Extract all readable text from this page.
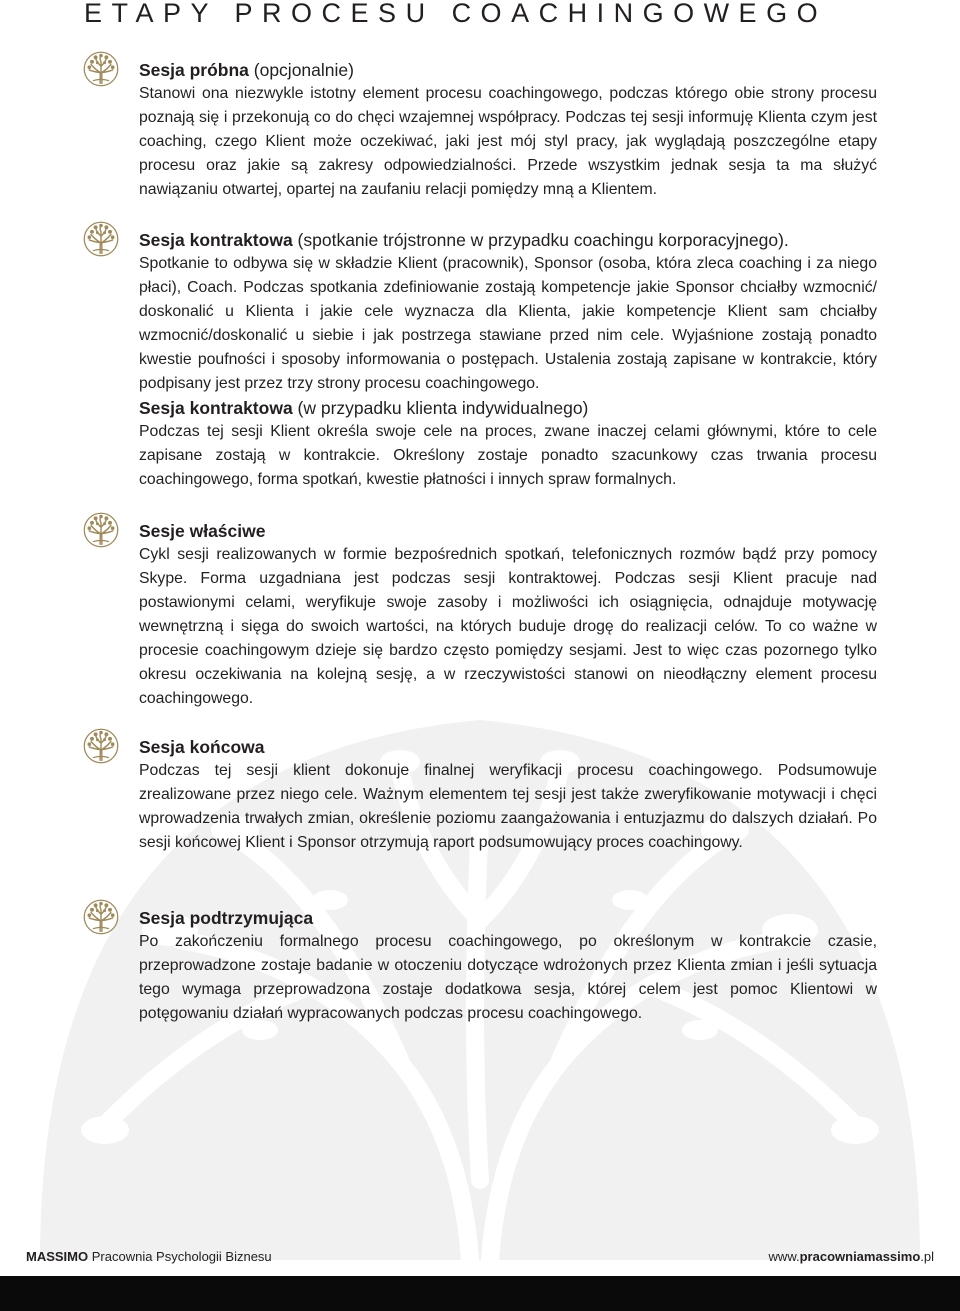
ETAPY PROCESU COACHINGOWEGO
Sesja próbna (opcjonalnie)

Stanowi ona niezwykle istotny element procesu coachingowego, podczas którego obie strony procesu poznają się i przekonują co do chęci wzajemnej współpracy. Podczas tej sesji informuję Klienta czym jest coaching, czego Klient może oczekiwać, jaki jest mój styl pracy, jak wyglądają poszczególne etapy procesu oraz jakie są zakresy odpowiedzialności. Przede wszystkim jednak sesja ta ma służyć nawiązaniu otwartej, opartej na zaufaniu relacji pomiędzy mną a Klientem.

Sesja kontraktowa (spotkanie trójstronne w przypadku coachingu korporacyjnego).

Spotkanie to odbywa się w składzie Klient (pracownik), Sponsor (osoba, która zleca coaching i za niego płaci), Coach. Podczas spotkania zdefiniowanie zostają kompetencje jakie Sponsor chciałby wzmocnić/ doskonalić u Klienta i jakie cele wyznacza dla Klienta, jakie kompetencje Klient sam chciałby wzmocnić/doskonalić u siebie i jak postrzega stawiane przed nim cele. Wyjaśnione zostają ponadto kwestie poufności i sposoby informowania o postępach. Ustalenia zostają zapisane w kontrakcie, który podpisany jest przez trzy strony procesu coachingowego.

Sesja kontraktowa (w przypadku klienta indywidualnego)

Podczas tej sesji Klient określa swoje cele na proces, zwane inaczej celami głównymi, które to cele zapisane zostają w kontrakcie. Określony zostaje ponadto szacunkowy czas trwania procesu coachingowego, forma spotkań, kwestie płatności i innych spraw formalnych.

Sesje właściwe

Cykl sesji realizowanych w formie bezpośrednich spotkań, telefonicznych rozmów bądź przy pomocy Skype. Forma uzgadniana jest podczas sesji kontraktowej. Podczas sesji Klient pracuje nad postawionymi celami, weryfikuje swoje zasoby i możliwości ich osiągnięcia, odnajduje motywację wewnętrzną i sięga do swoich wartości, na których buduje drogę do realizacji celów. To co ważne w procesie coachingowym dzieje się bardzo często pomiędzy sesjami. Jest to więc czas pozornego tylko okresu oczekiwania na kolejną sesję, a w rzeczywistości stanowi on nieodłączny element procesu coachingowego.

Sesja końcowa

Podczas tej sesji klient dokonuje finalnej weryfikacji procesu coachingowego. Podsumowuje zrealizowane przez niego cele. Ważnym elementem tej sesji jest także zweryfikowanie motywacji i chęci wprowadzenia trwałych zmian, określenie poziomu zaangażowania i entuzjazmu do dalszych działań. Po sesji końcowej Klient i Sponsor otrzymują raport podsumowujący proces coachingowy.

Sesja podtrzymująca

Po zakończeniu formalnego procesu coachingowego, po określonym w kontrakcie czasie, przeprowadzone zostaje badanie w otoczeniu dotyczące wdrożonych przez Klienta zmian i jeśli sytuacja tego wymaga przeprowadzona zostaje dodatkowa sesja, której celem jest pomoc Klientowi w potęgowaniu działań wypracowanych podczas procesu coachingowego.

MASSIMO Pracownia Psychologii Biznesu	www.pracowniamassimo.pl
